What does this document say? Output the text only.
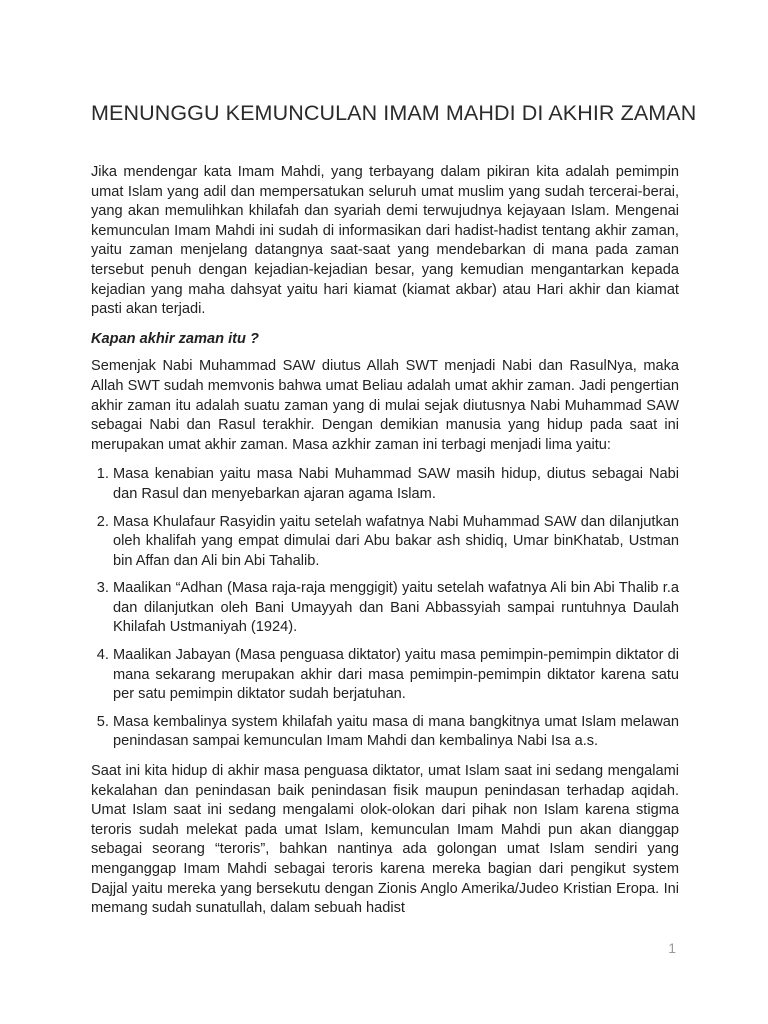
MENUNGGU KEMUNCULAN IMAM MAHDI DI AKHIR ZAMAN

Jika mendengar kata Imam Mahdi, yang terbayang dalam pikiran kita adalah pemimpin umat Islam yang adil dan mempersatukan seluruh umat muslim yang sudah tercerai-berai, yang akan memulihkan khilafah dan syariah demi terwujudnya kejayaan Islam. Mengenai kemunculan Imam Mahdi ini sudah di informasikan dari hadist-hadist tentang akhir zaman, yaitu zaman menjelang datangnya saat-saat yang mendebarkan di mana pada zaman tersebut penuh dengan kejadian-kejadian besar, yang kemudian mengantarkan kepada kejadian yang maha dahsyat yaitu hari kiamat (kiamat akbar) atau Hari akhir dan kiamat pasti akan terjadi.

Kapan akhir zaman itu ?

Semenjak Nabi Muhammad SAW diutus Allah SWT menjadi Nabi dan RasulNya, maka Allah SWT sudah memvonis bahwa umat Beliau adalah umat akhir zaman. Jadi pengertian akhir zaman itu adalah suatu zaman yang di mulai sejak diutusnya Nabi Muhammad SAW sebagai Nabi dan Rasul terakhir. Dengan demikian manusia yang hidup pada saat ini merupakan umat akhir zaman. Masa azkhir zaman ini terbagi menjadi lima yaitu:

1. Masa kenabian yaitu masa Nabi Muhammad SAW masih hidup, diutus sebagai Nabi dan Rasul dan menyebarkan ajaran agama Islam.
2. Masa Khulafaur Rasyidin yaitu setelah wafatnya Nabi Muhammad SAW dan dilanjutkan oleh khalifah yang empat dimulai dari Abu bakar ash shidiq, Umar binKhatab, Ustman bin Affan dan Ali bin Abi Tahalib.
3. Maalikan “Adhan (Masa raja-raja menggigit) yaitu setelah wafatnya Ali bin Abi Thalib r.a dan dilanjutkan oleh Bani Umayyah dan Bani Abbassyiah sampai runtuhnya Daulah Khilafah Ustmaniyah (1924).
4. Maalikan Jabayan (Masa penguasa diktator) yaitu masa pemimpin-pemimpin diktator di mana sekarang merupakan akhir dari masa pemimpin-pemimpin diktator karena satu per satu pemimpin diktator sudah berjatuhan.
5. Masa kembalinya system khilafah yaitu masa di mana bangkitnya umat Islam melawan penindasan sampai kemunculan Imam Mahdi dan kembalinya Nabi Isa a.s.

Saat ini kita hidup di akhir masa penguasa diktator, umat Islam saat ini sedang mengalami kekalahan dan penindasan baik penindasan fisik maupun penindasan terhadap aqidah. Umat Islam saat ini sedang mengalami olok-olokan dari pihak non Islam karena stigma teroris sudah melekat pada umat Islam, kemunculan Imam Mahdi pun akan dianggap sebagai seorang “teroris”, bahkan nantinya ada golongan umat Islam sendiri yang menganggap Imam Mahdi sebagai teroris karena mereka bagian dari pengikut system Dajjal yaitu mereka yang bersekutu dengan Zionis Anglo Amerika/Judeo Kristian Eropa. Ini memang sudah sunatullah, dalam sebuah hadist

1
